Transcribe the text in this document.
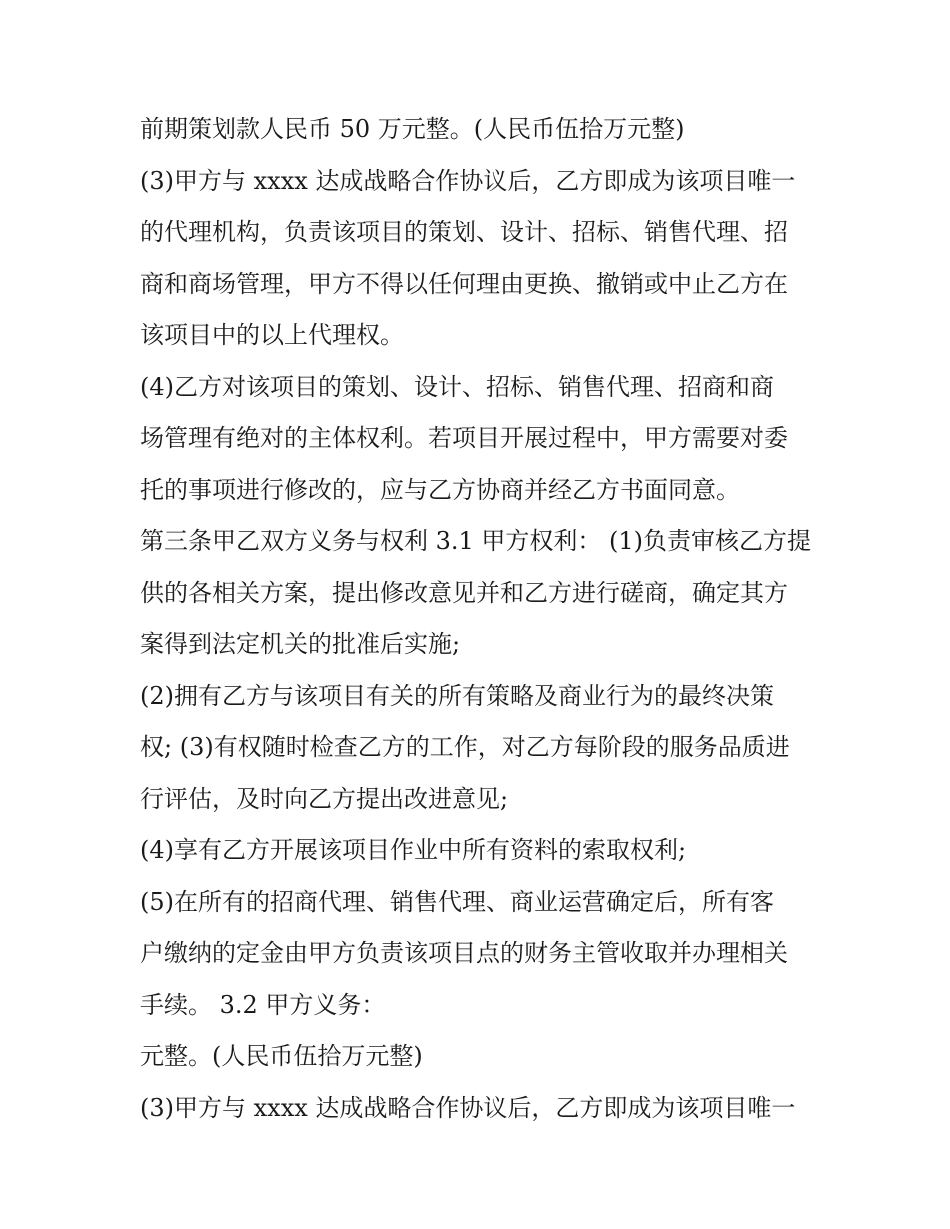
前期策划款人民币 50 万元整。(人民币伍拾万元整)
(3)甲方与 xxxx 达成战略合作协议后，乙方即成为该项目唯一
的代理机构，负责该项目的策划、设计、招标、销售代理、招
商和商场管理，甲方不得以任何理由更换、撤销或中止乙方在
该项目中的以上代理权。
(4)乙方对该项目的策划、设计、招标、销售代理、招商和商
场管理有绝对的主体权利。若项目开展过程中，甲方需要对委
托的事项进行修改的，应与乙方协商并经乙方书面同意。
第三条甲乙双方义务与权利 3.1 甲方权利： (1)负责审核乙方提
供的各相关方案，提出修改意见并和乙方进行磋商，确定其方
案得到法定机关的批准后实施;
(2)拥有乙方与该项目有关的所有策略及商业行为的最终决策
权; (3)有权随时检查乙方的工作，对乙方每阶段的服务品质进
行评估，及时向乙方提出改进意见;
(4)享有乙方开展该项目作业中所有资料的索取权利;
(5)在所有的招商代理、销售代理、商业运营确定后，所有客
户缴纳的定金由甲方负责该项目点的财务主管收取并办理相关
手续。 3.2 甲方义务：
元整。(人民币伍拾万元整)
(3)甲方与 xxxx 达成战略合作协议后，乙方即成为该项目唯一
